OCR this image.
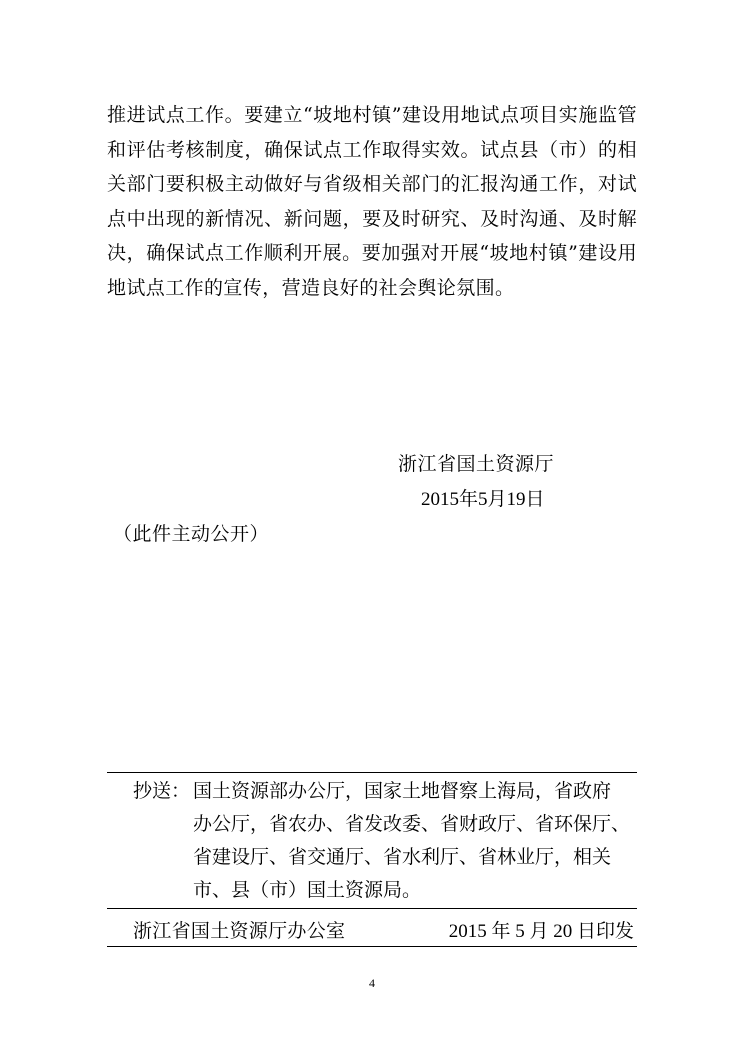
推进试点工作。要建立“坡地村镇”建设用地试点项目实施监管
和评估考核制度，确保试点工作取得实效。试点县（市）的相
关部门要积极主动做好与省级相关部门的汇报沟通工作，对试
点中出现的新情况、新问题，要及时研究、及时沟通、及时解
决，确保试点工作顺利开展。要加强对开展“坡地村镇”建设用
地试点工作的宣传，营造良好的社会舆论氛围。
浙江省国土资源厅
2015年5月19日
（此件主动公开）
抄送： 国土资源部办公厅，国家土地督察上海局，省政府
办公厅，省农办、省发改委、省财政厅、省环保厅、
省建设厅、省交通厅、省水利厅、省林业厅，相关
市、县（市）国土资源局。
浙江省国土资源厅办公室	2015 年 5 月 20 日印发
4
